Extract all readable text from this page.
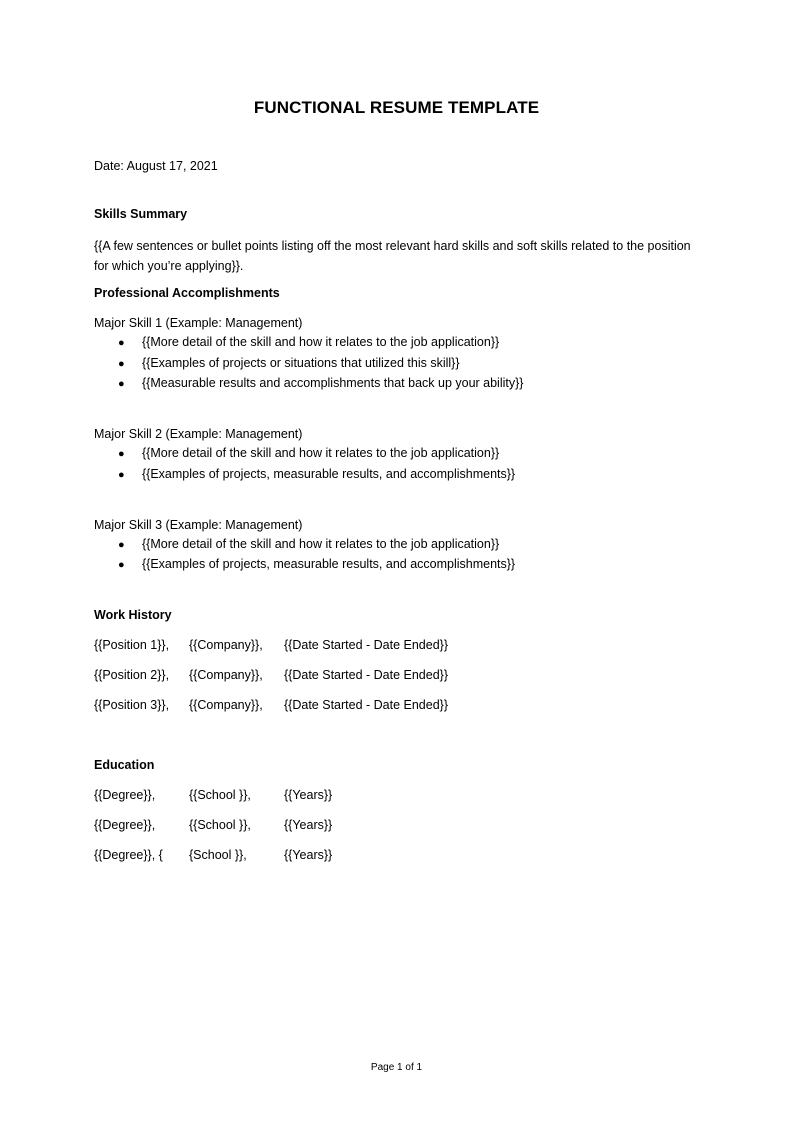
FUNCTIONAL RESUME TEMPLATE
Date: August 17, 2021
Skills Summary
{{A few sentences or bullet points listing off the most relevant hard skills and soft skills related to the position for which you’re applying}}.
Professional Accomplishments
Major Skill 1 (Example: Management)
● {{More detail of the skill and how it relates to the job application}}
● {{Examples of projects or situations that utilized this skill}}
● {{Measurable results and accomplishments that back up your ability}}
Major Skill 2 (Example: Management)
● {{More detail of the skill and how it relates to the job application}}
● {{Examples of projects, measurable results, and accomplishments}}
Major Skill 3 (Example: Management)
● {{More detail of the skill and how it relates to the job application}}
● {{Examples of projects, measurable results, and accomplishments}}
Work History
{{Position 1}}, {{Company}}, {{Date Started - Date Ended}}
{{Position 2}}, {{Company}}, {{Date Started - Date Ended}}
{{Position 3}}, {{Company}}, {{Date Started - Date Ended}}
Education
{{Degree}},	{{School }},	{{Years}}
{{Degree}},	{{School }},	{{Years}}
{{Degree}}, { {School }},	{{Years}}
Page 1 of 1
